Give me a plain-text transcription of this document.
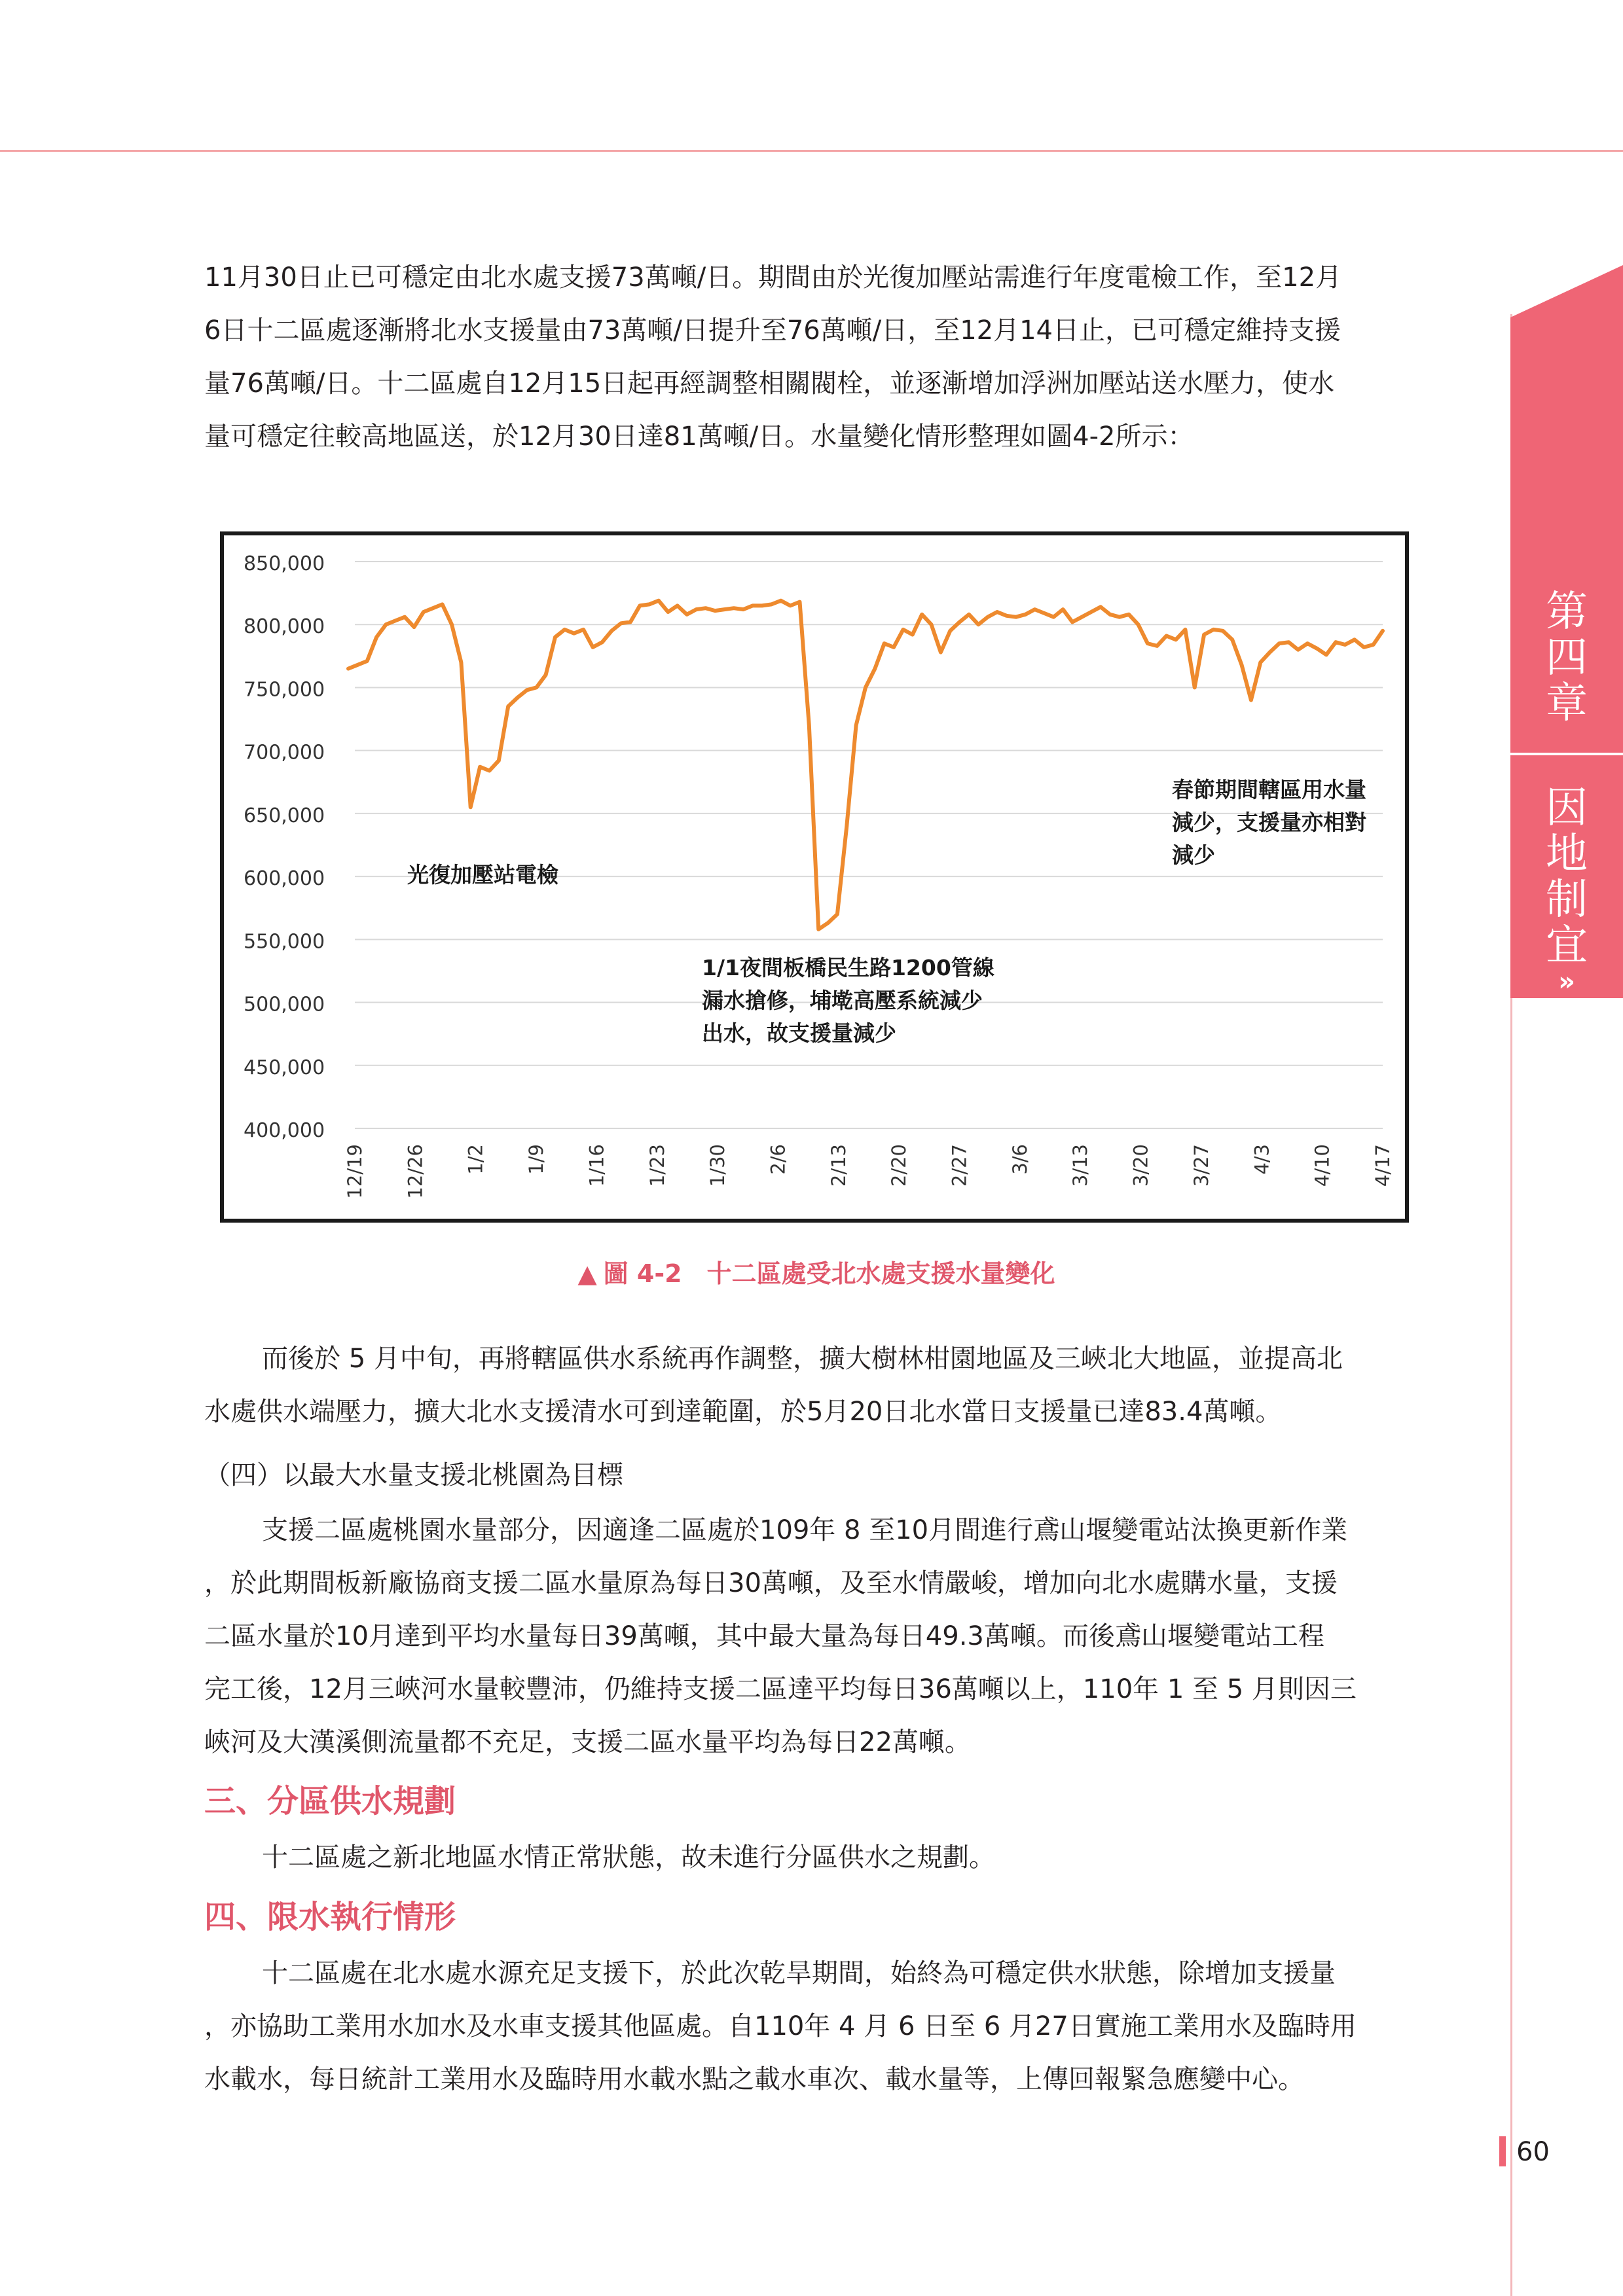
第
四
章
因
地
制
宜
»

11月30日止已可穩定由北水處支援73萬噸/日。期間由於光復加壓站需進行年度電檢工作，至12月
6日十二區處逐漸將北水支援量由73萬噸/日提升至76萬噸/日，至12月14日止，已可穩定維持支援
量76萬噸/日。十二區處自12月15日起再經調整相關閥栓，並逐漸增加浮洲加壓站送水壓力，使水
量可穩定往較高地區送，於12月30日達81萬噸/日。水量變化情形整理如圖4-2所示：

850,000
800,000
750,000
700,000
650,000
600,000
550,000
500,000
450,000
400,000
12/19 12/26 1/2 1/9 1/16 1/23 1/30 2/6 2/13 2/20 2/27 3/6 3/13 3/20 3/27 4/3 4/10 4/17
光復加壓站電檢
1/1夜間板橋民生路1200管線
漏水搶修，埔墘高壓系統減少
出水，故支援量減少
春節期間轄區用水量
減少，支援量亦相對
減少
▲ 圖 4-2　十二區處受北水處支援水量變化

而後於 5 月中旬，再將轄區供水系統再作調整，擴大樹林柑園地區及三峽北大地區，並提高北
水處供水端壓力，擴大北水支援清水可到達範圍，於5月20日北水當日支援量已達83.4萬噸。

（四）以最大水量支援北桃園為目標

支援二區處桃園水量部分，因適逢二區處於109年 8 至10月間進行鳶山堰變電站汰換更新作業
，於此期間板新廠協商支援二區水量原為每日30萬噸，及至水情嚴峻，增加向北水處購水量，支援
二區水量於10月達到平均水量每日39萬噸，其中最大量為每日49.3萬噸。而後鳶山堰變電站工程
完工後，12月三峽河水量較豐沛，仍維持支援二區達平均每日36萬噸以上，110年 1 至 5 月則因三
峽河及大漢溪側流量都不充足，支援二區水量平均為每日22萬噸。

三、分區供水規劃

十二區處之新北地區水情正常狀態，故未進行分區供水之規劃。

四、限水執行情形

十二區處在北水處水源充足支援下，於此次乾旱期間，始終為可穩定供水狀態，除增加支援量
，亦協助工業用水加水及水車支援其他區處。自110年 4 月 6 日至 6 月27日實施工業用水及臨時用
水載水，每日統計工業用水及臨時用水載水點之載水車次、載水量等，上傳回報緊急應變中心。

60
